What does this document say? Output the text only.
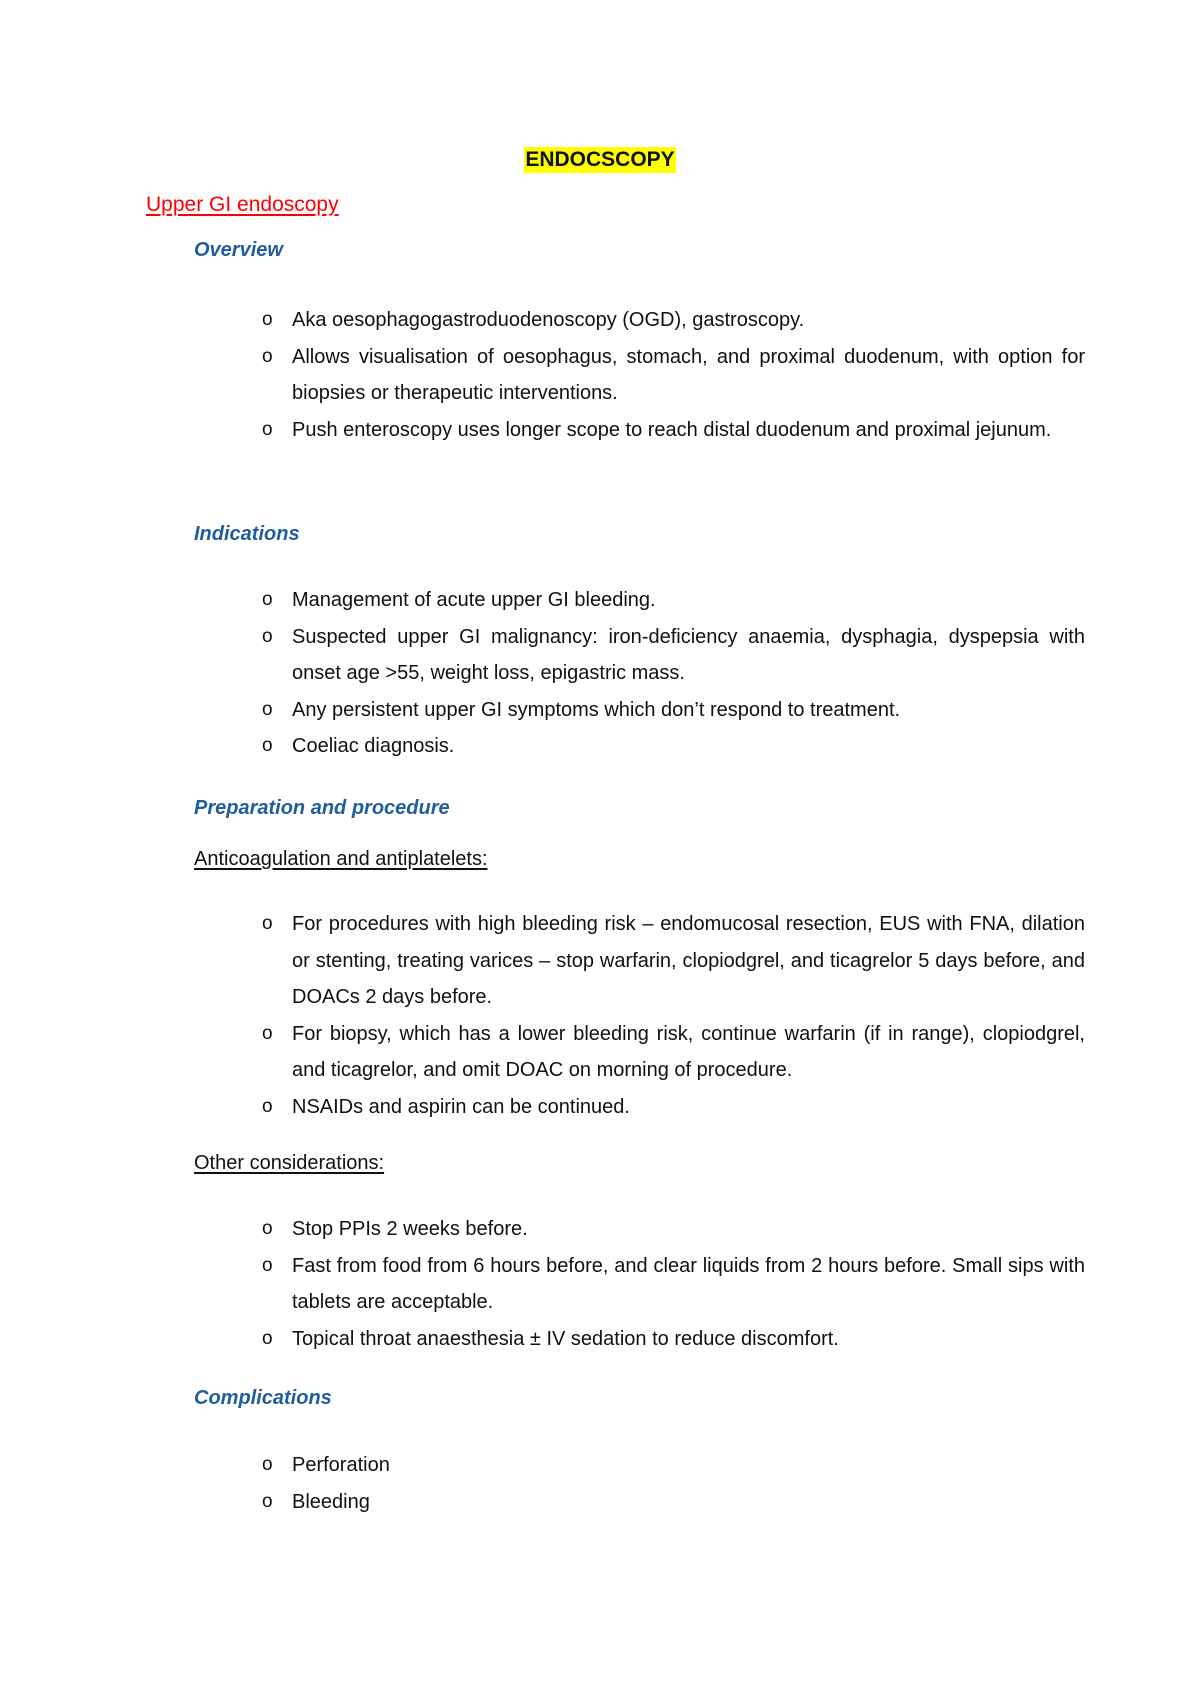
ENDOCSCOPY
Upper GI endoscopy
Overview
o Aka oesophagogastroduodenoscopy (OGD), gastroscopy.
o Allows visualisation of oesophagus, stomach, and proximal duodenum, with option for biopsies or therapeutic interventions.
o Push enteroscopy uses longer scope to reach distal duodenum and proximal jejunum.
Indications
o Management of acute upper GI bleeding.
o Suspected upper GI malignancy: iron-deficiency anaemia, dysphagia, dyspepsia with onset age >55, weight loss, epigastric mass.
o Any persistent upper GI symptoms which don’t respond to treatment.
o Coeliac diagnosis.
Preparation and procedure
Anticoagulation and antiplatelets:
o For procedures with high bleeding risk – endomucosal resection, EUS with FNA, dilation or stenting, treating varices – stop warfarin, clopiodgrel, and ticagrelor 5 days before, and DOACs 2 days before.
o For biopsy, which has a lower bleeding risk, continue warfarin (if in range), clopiodgrel, and ticagrelor, and omit DOAC on morning of procedure.
o NSAIDs and aspirin can be continued.
Other considerations:
o Stop PPIs 2 weeks before.
o Fast from food from 6 hours before, and clear liquids from 2 hours before. Small sips with tablets are acceptable.
o Topical throat anaesthesia ± IV sedation to reduce discomfort.
Complications
o Perforation
o Bleeding
